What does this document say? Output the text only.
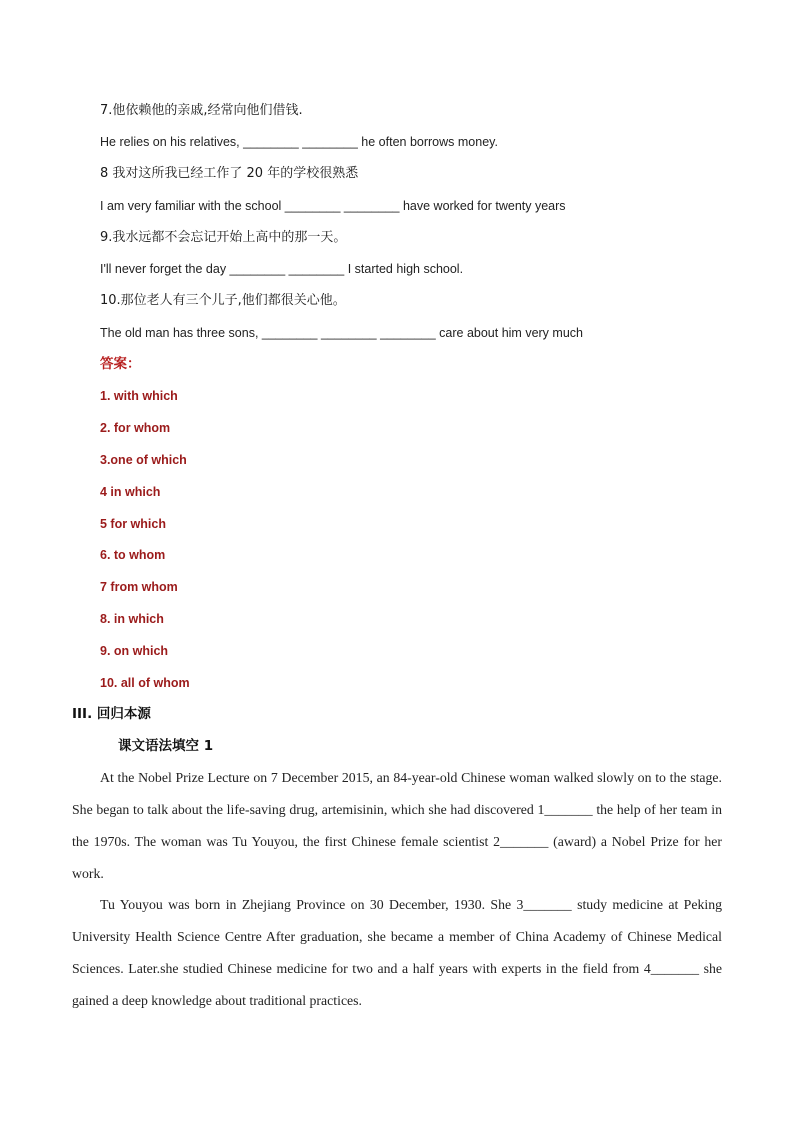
7.他依赖他的亲戚,经常向他们借钱.
He relies on his relatives, ________ ________ he often borrows money.
8 我对这所我已经工作了 20 年的学校很熟悉
I am very familiar with the school ________ ________ have worked for twenty years
9.我水远都不会忘记开始上高中的那一天。
I'll never forget the day ________ ________ I started high school.
10.那位老人有三个儿子,他们都很关心他。
The old man has three sons, ________ ________ ________ care about him very much
答案：
1. with which
2. for whom
3.one of which
4 in which
5 for which
6. to whom
7 from whom
8. in which
9. on which
10. all of whom
III. 回归本源
课文语法填空 1

At the Nobel Prize Lecture on 7 December 2015, an 84-year-old Chinese woman walked slowly on to the stage. She began to talk about the life-saving drug, artemisinin, which she had discovered 1_______ the help of her team in the 1970s. The woman was Tu Youyou, the first Chinese female scientist 2_______ (award) a Nobel Prize for her work.

Tu Youyou was born in Zhejiang Province on 30 December, 1930. She 3_______ study medicine at Peking University Health Science Centre After graduation, she became a member of China Academy of Chinese Medical Sciences. Later.she studied Chinese medicine for two and a half years with experts in the field from 4_______ she gained a deep knowledge about traditional practices.
